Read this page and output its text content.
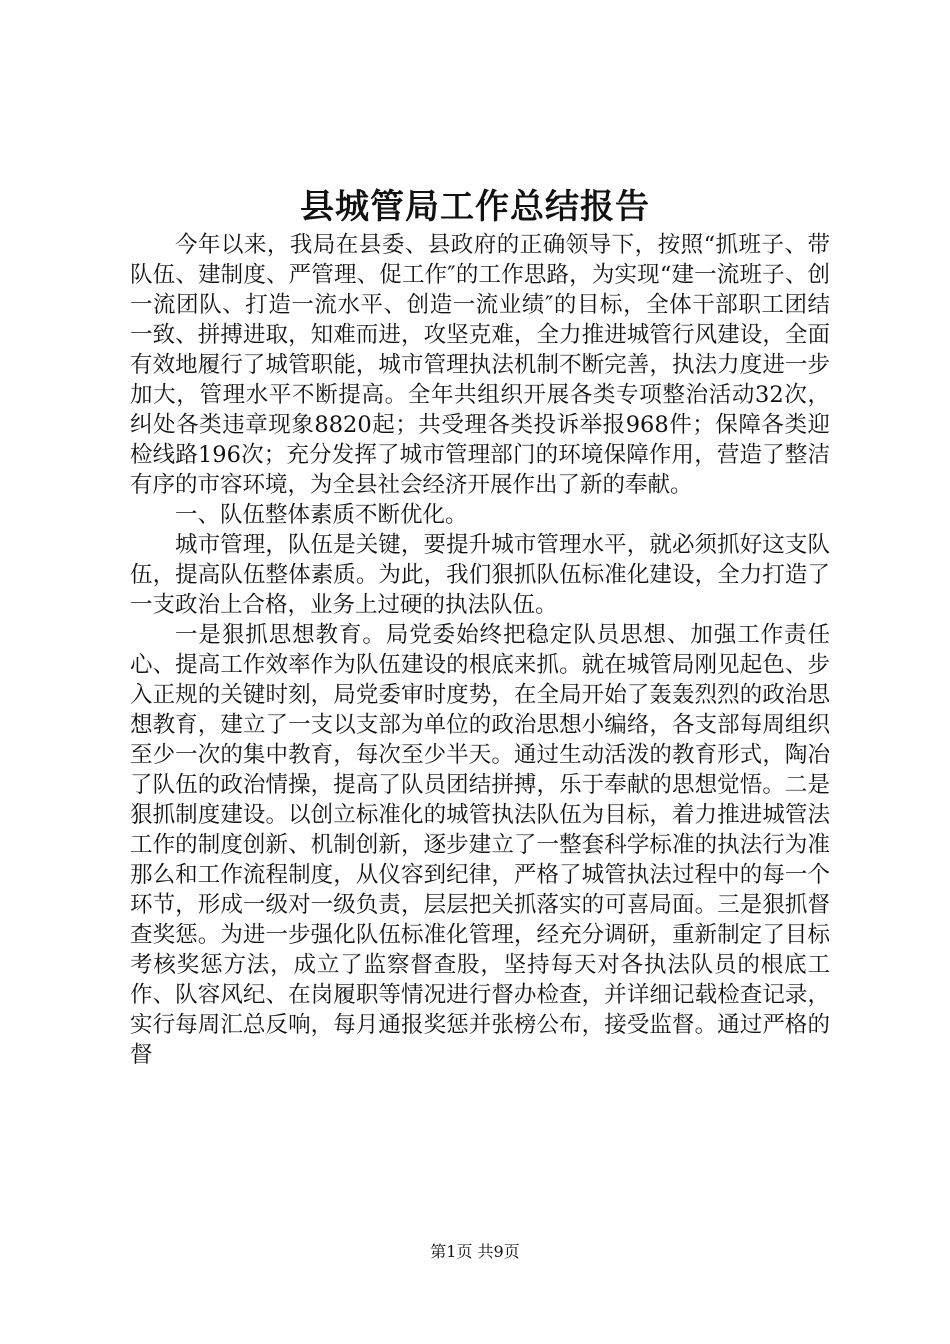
县城管局工作总结报告

今年以来，我局在县委、县政府的正确领导下，按照“抓班子、带队伍、建制度、严管理、促工作″的工作思路，为实现“建一流班子、创一流团队、打造一流水平、创造一流业绩″的目标，全体干部职工团结一致、拼搏进取，知难而进，攻坚克难，全力推进城管行风建设，全面有效地履行了城管职能，城市管理执法机制不断完善，执法力度进一步加大，管理水平不断提高。全年共组织开展各类专项整治活动32次，纠处各类违章现象8820起；共受理各类投诉举报968件；保障各类迎检线路196次；充分发挥了城市管理部门的环境保障作用，营造了整洁有序的市容环境，为全县社会经济开展作出了新的奉献。

一、队伍整体素质不断优化。

城市管理，队伍是关键，要提升城市管理水平，就必须抓好这支队伍，提高队伍整体素质。为此，我们狠抓队伍标准化建设，全力打造了一支政治上合格，业务上过硬的执法队伍。

一是狠抓思想教育。局党委始终把稳定队员思想、加强工作责任心、提高工作效率作为队伍建设的根底来抓。就在城管局刚见起色、步入正规的关键时刻，局党委审时度势，在全局开始了轰轰烈烈的政治思想教育，建立了一支以支部为单位的政治思想小编络，各支部每周组织至少一次的集中教育，每次至少半天。通过生动活泼的教育形式，陶冶了队伍的政治情操，提高了队员团结拼搏，乐于奉献的思想觉悟。二是狠抓制度建设。以创立标准化的城管执法队伍为目标，着力推进城管法工作的制度创新、机制创新，逐步建立了一整套科学标准的执法行为准那么和工作流程制度，从仪容到纪律，严格了城管执法过程中的每一个环节，形成一级对一级负责，层层把关抓落实的可喜局面。三是狠抓督查奖惩。为进一步强化队伍标准化管理，经充分调研，重新制定了目标考核奖惩方法，成立了监察督查股，坚持每天对各执法队员的根底工作、队容风纪、在岗履职等情况进行督办检查，并详细记载检查记录，实行每周汇总反响，每月通报奖惩并张榜公布，接受监督。通过严格的督

第1页 共9页
